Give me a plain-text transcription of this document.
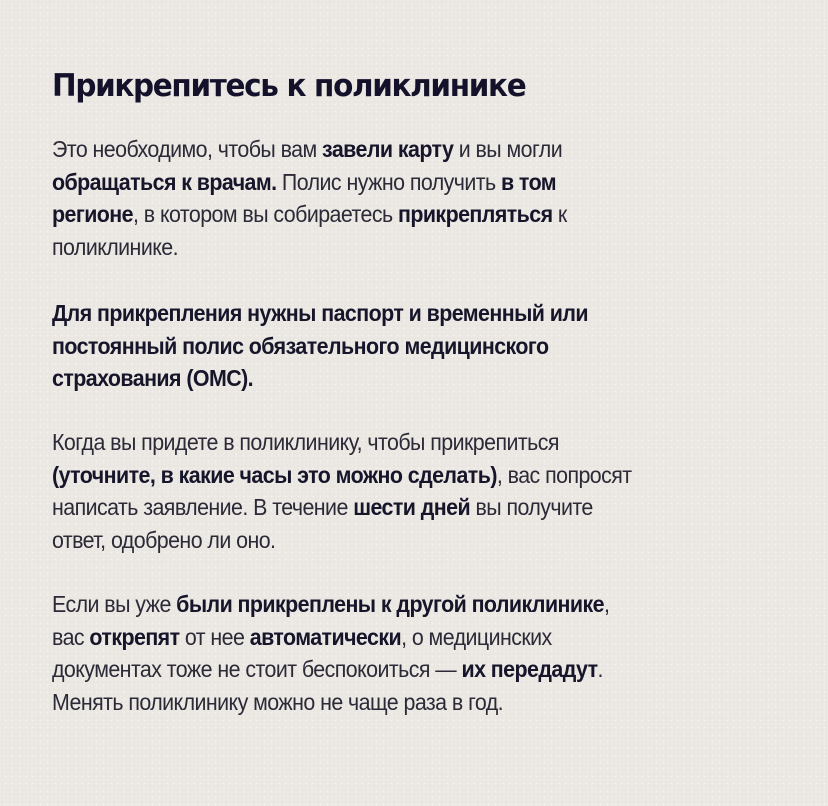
Прикрепитесь к поликлинике

Это необходимо, чтобы вам завели карту и вы могли
обращаться к врачам. Полис нужно получить в том
регионе, в котором вы собираетесь прикрепляться к
поликлинике.

Для прикрепления нужны паспорт и временный или
постоянный полис обязательного медицинского
страхования (ОМС).

Когда вы придете в поликлинику, чтобы прикрепиться
(уточните, в какие часы это можно сделать), вас попросят
написать заявление. В течение шести дней вы получите
ответ, одобрено ли оно.

Если вы уже были прикреплены к другой поликлинике,
вас открепят от нее автоматически, о медицинских
документах тоже не стоит беспокоиться — их передадут.
Менять поликлинику можно не чаще раза в год.
